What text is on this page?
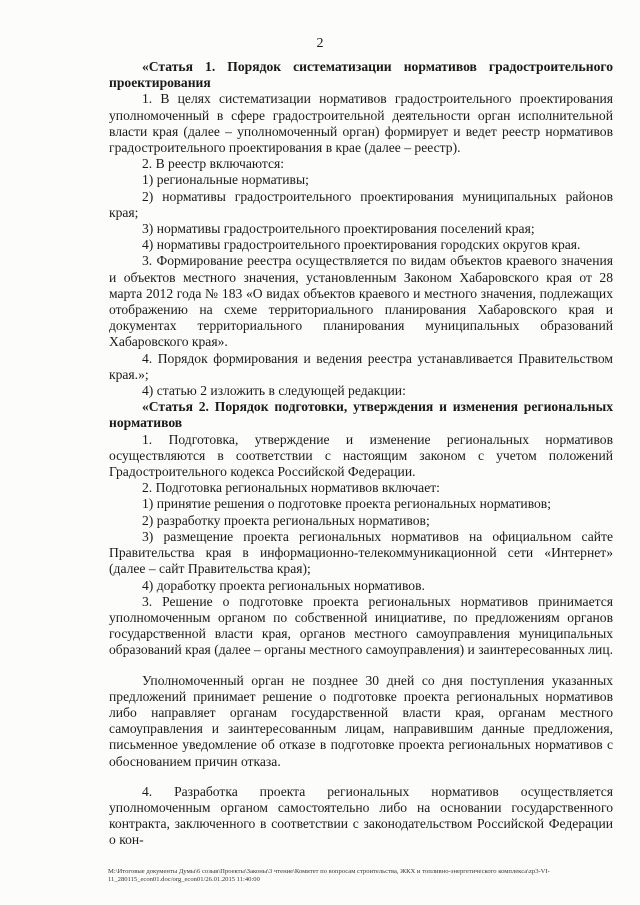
2

«Статья 1. Порядок систематизации нормативов градостроительного проектирования

1. В целях систематизации нормативов градостроительного проектирования уполномоченный в сфере градостроительной деятельности орган исполнительной власти края (далее – уполномоченный орган) формирует и ведет реестр нормативов градостроительного проектирования в крае (далее – реестр).

2. В реестр включаются:

1) региональные нормативы;

2) нормативы градостроительного проектирования муниципальных районов края;

3) нормативы градостроительного проектирования поселений края;

4) нормативы градостроительного проектирования городских округов края.

3. Формирование реестра осуществляется по видам объектов краевого значения и объектов местного значения, установленным Законом Хабаровского края от 28 марта 2012 года № 183 «О видах объектов краевого и местного значения, подлежащих отображению на схеме территориального планирования Хабаровского края и документах территориального планирования муниципальных образований Хабаровского края».

4. Порядок формирования и ведения реестра устанавливается Правительством края.»;

4) статью 2 изложить в следующей редакции:

«Статья 2. Порядок подготовки, утверждения и изменения региональных нормативов

1. Подготовка, утверждение и изменение региональных нормативов осуществляются в соответствии с настоящим законом с учетом положений Градостроительного кодекса Российской Федерации.

2. Подготовка региональных нормативов включает:

1) принятие решения о подготовке проекта региональных нормативов;

2) разработку проекта региональных нормативов;

3) размещение проекта региональных нормативов на официальном сайте Правительства края в информационно-телекоммуникационной сети «Интернет» (далее – сайт Правительства края);

4) доработку проекта региональных нормативов.

3. Решение о подготовке проекта региональных нормативов принимается уполномоченным органом по собственной инициативе, по предложениям органов государственной власти края, органов местного самоуправления муниципальных образований края (далее – органы местного самоуправления) и заинтересованных лиц.

Уполномоченный орган не позднее 30 дней со дня поступления указанных предложений принимает решение о подготовке проекта региональных нормативов либо направляет органам государственной власти края, органам местного самоуправления и заинтересованным лицам, направившим данные предложения, письменное уведомление об отказе в подготовке проекта региональных нормативов с обоснованием причин отказа.

4. Разработка проекта региональных нормативов осуществляется уполномоченным органом самостоятельно либо на основании государственного контракта, заключенного в соответствии с законодательством Российской Федерации о кон-

M:\Итоговые документы Думы\6 созыв\Проекты\Законы\3 чтение\Комитет по вопросам строительства, ЖКХ и топливно-энергетического комплекса\zp3-VI-11_280115_econ01.doc/org_econ01/26.01.2015 11:40:00
